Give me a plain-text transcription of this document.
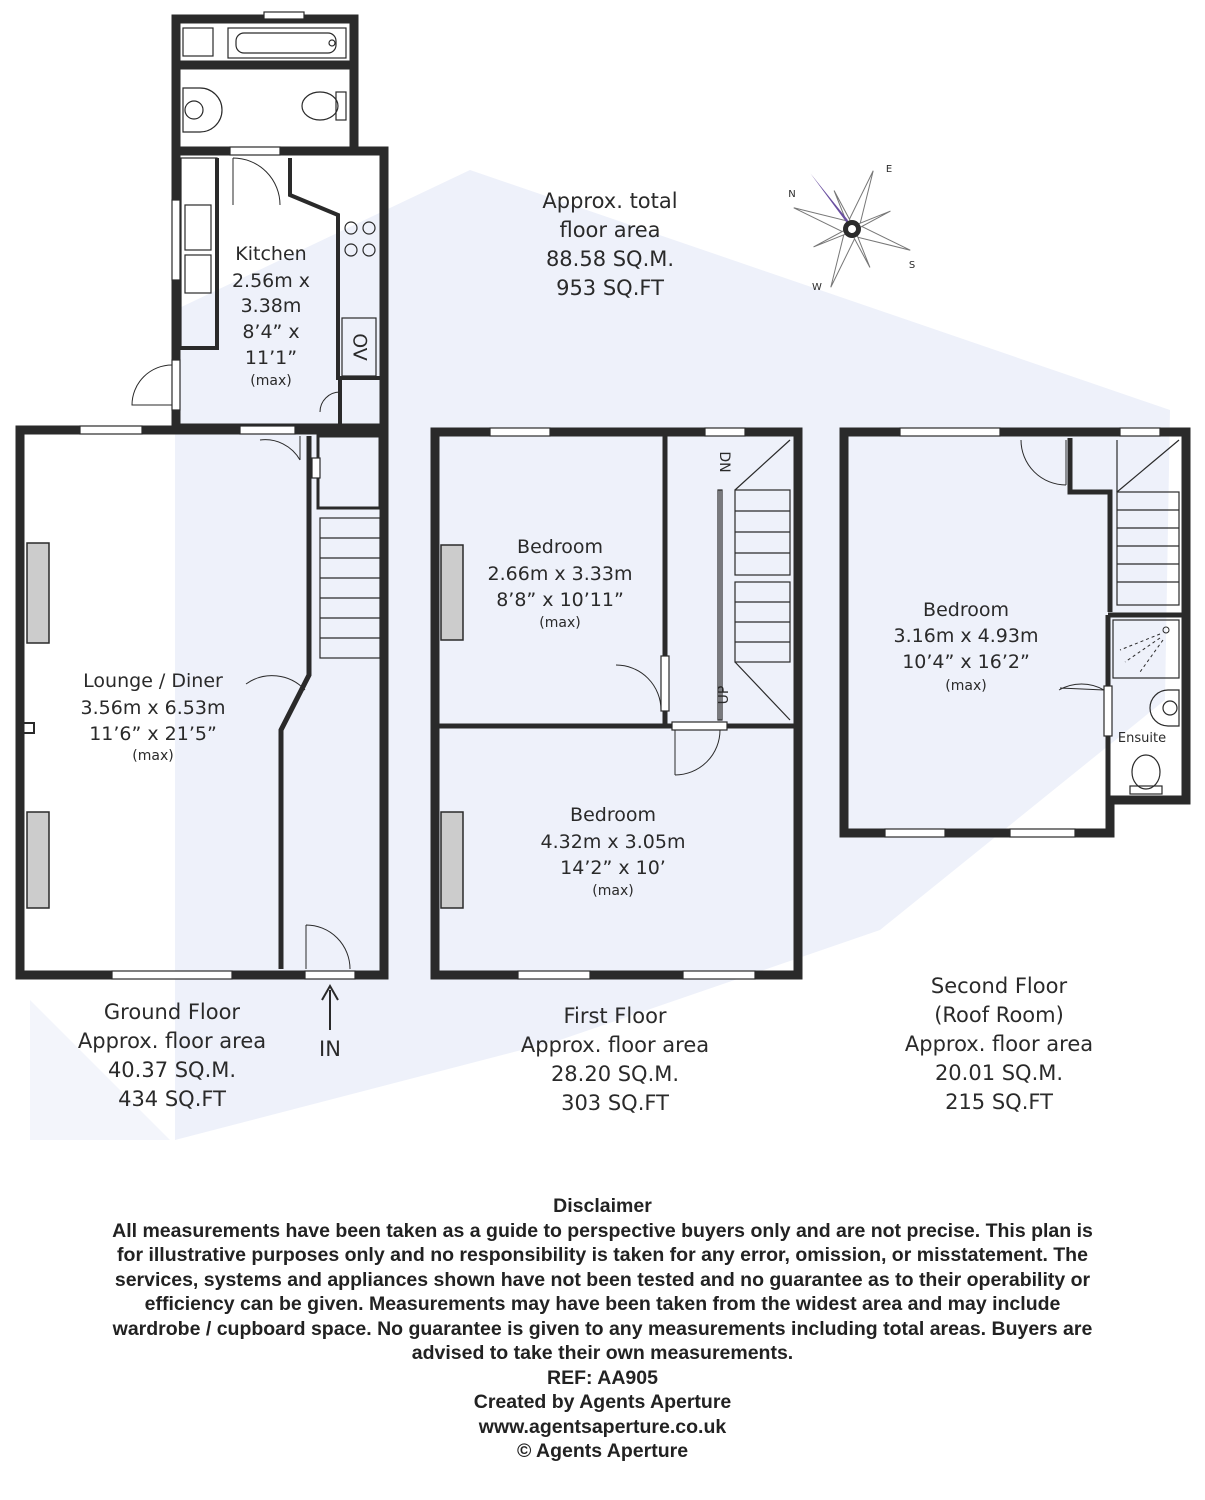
OV
DN
UP
N
E
S
W
Approx. total
floor area
88.58 SQ.M.
953 SQ.FT
Kitchen
2.56m x
3.38m
8’4” x
11’1”
(max)
Lounge / Diner
3.56m x 6.53m
11’6” x 21’5”
(max)
IN
Ground Floor
Approx. floor area
40.37 SQ.M.
434 SQ.FT
Bedroom
2.66m x 3.33m
8’8” x 10’11”
(max)
Bedroom
4.32m x 3.05m
14’2” x 10’
(max)
First Floor
Approx. floor area
28.20 SQ.M.
303 SQ.FT
Bedroom
3.16m x 4.93m
10’4” x 16’2”
(max)
Ensuite
Second Floor
(Roof Room)
Approx. floor area
20.01 SQ.M.
215 SQ.FT
Disclaimer
All measurements have been taken as a guide to perspective buyers only and are not precise. This plan is
for illustrative purposes only and no responsibility is taken for any error, omission, or misstatement. The
services, systems and appliances shown have not been tested and no guarantee as to their operability or
efficiency can be given. Measurements may have been taken from the widest area and may include
wardrobe / cupboard space. No guarantee is given to any measurements including total areas. Buyers are
advised to take their own measurements.
REF: AA905
Created by Agents Aperture
www.agentsaperture.co.uk
© Agents Aperture
